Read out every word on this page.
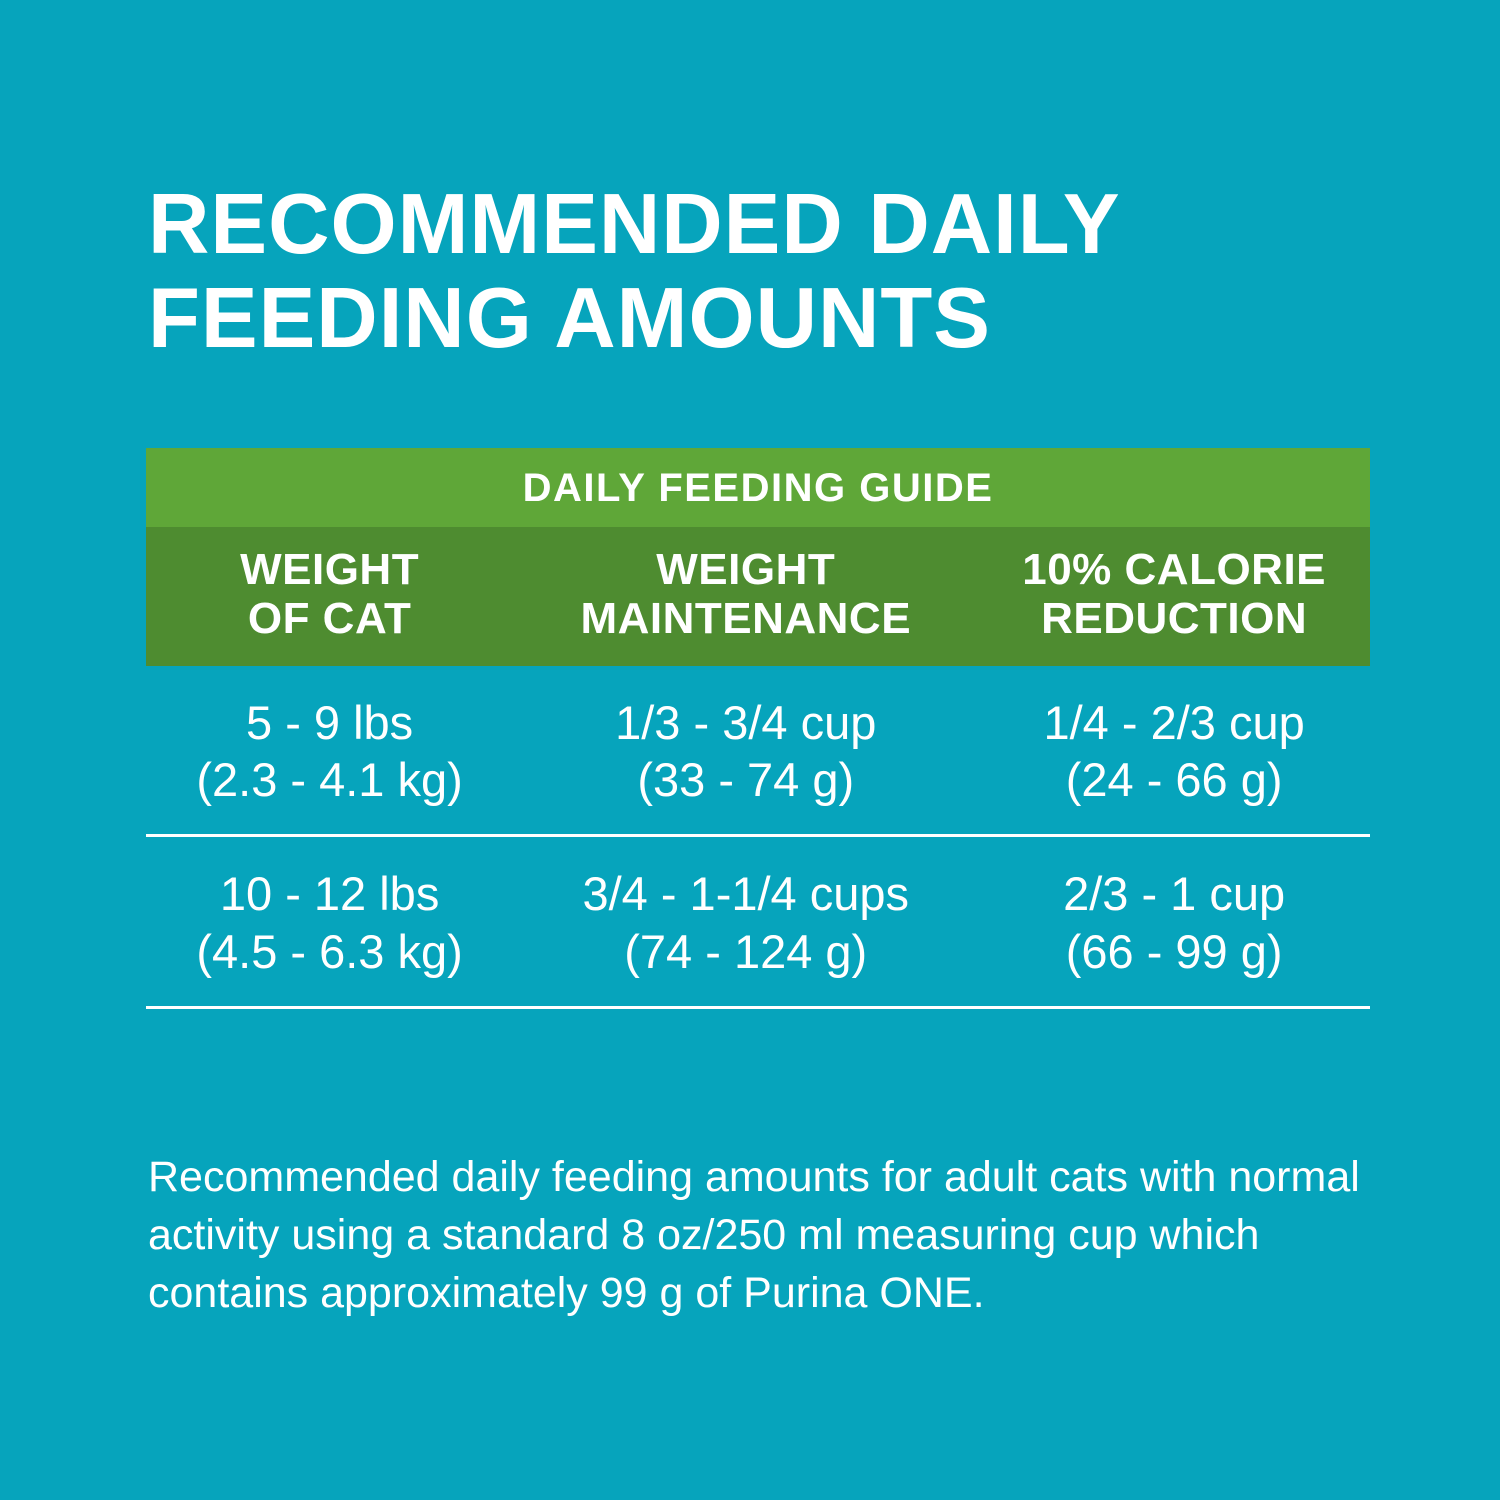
RECOMMENDED DAILY FEEDING AMOUNTS
DAILY FEEDING GUIDE
WEIGHT
OF CAT
WEIGHT
MAINTENANCE
10% CALORIE
REDUCTION
5 - 9 lbs
(2.3 - 4.1 kg)
1/3 - 3/4 cup
(33 - 74 g)
1/4 - 2/3 cup
(24 - 66 g)
10 - 12 lbs
(4.5 - 6.3 kg)
3/4 - 1-1/4 cups
(74 - 124 g)
2/3 - 1 cup
(66 - 99 g)
Recommended daily feeding amounts for adult cats with normal activity using a standard 8 oz/250 ml measuring cup which contains approximately 99 g of Purina ONE.
